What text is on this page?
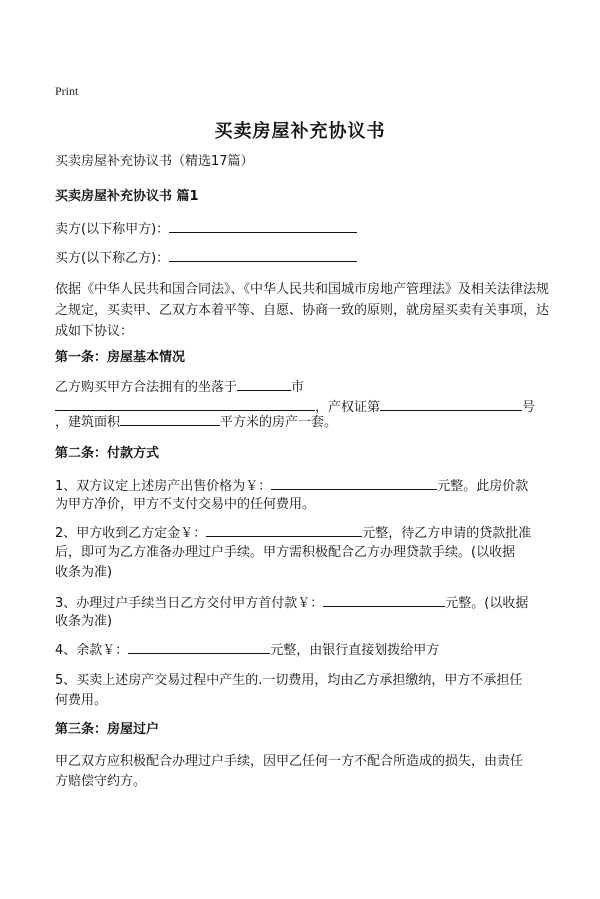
Print
买卖房屋补充协议书
买卖房屋补充协议书（精选17篇）
买卖房屋补充协议书 篇1
卖方(以下称甲方)：
买方(以下称乙方)：
依据《中华人民共和国合同法》、《中华人民共和国城市房地产管理法》及相关法律法规之规定，买卖甲、乙双方本着平等、自愿、协商一致的原则，就房屋买卖有关事项，达成如下协议：
第一条：房屋基本情况
乙方购买甲方合法拥有的坐落于	市
，产权证第	号
，建筑面积	平方米的房产一套。
第二条：付款方式
1、双方议定上述房产出售价格为￥：	元整。此房价款
为甲方净价，甲方不支付交易中的任何费用。
2、甲方收到乙方定金￥：	元整，待乙方申请的贷款批准
后，即可为乙方准备办理过户手续。甲方需积极配合乙方办理贷款手续。(以收据
收条为准)
3、办理过户手续当日乙方交付甲方首付款￥：	元整。(以收据
收条为准)
4、余款￥：	元整，由银行直接划拨给甲方
5、买卖上述房产交易过程中产生的.一切费用，均由乙方承担缴纳，甲方不承担任
何费用。
第三条：房屋过户
甲乙双方应积极配合办理过户手续，因甲乙任何一方不配合所造成的损失，由责任
方赔偿守约方。
